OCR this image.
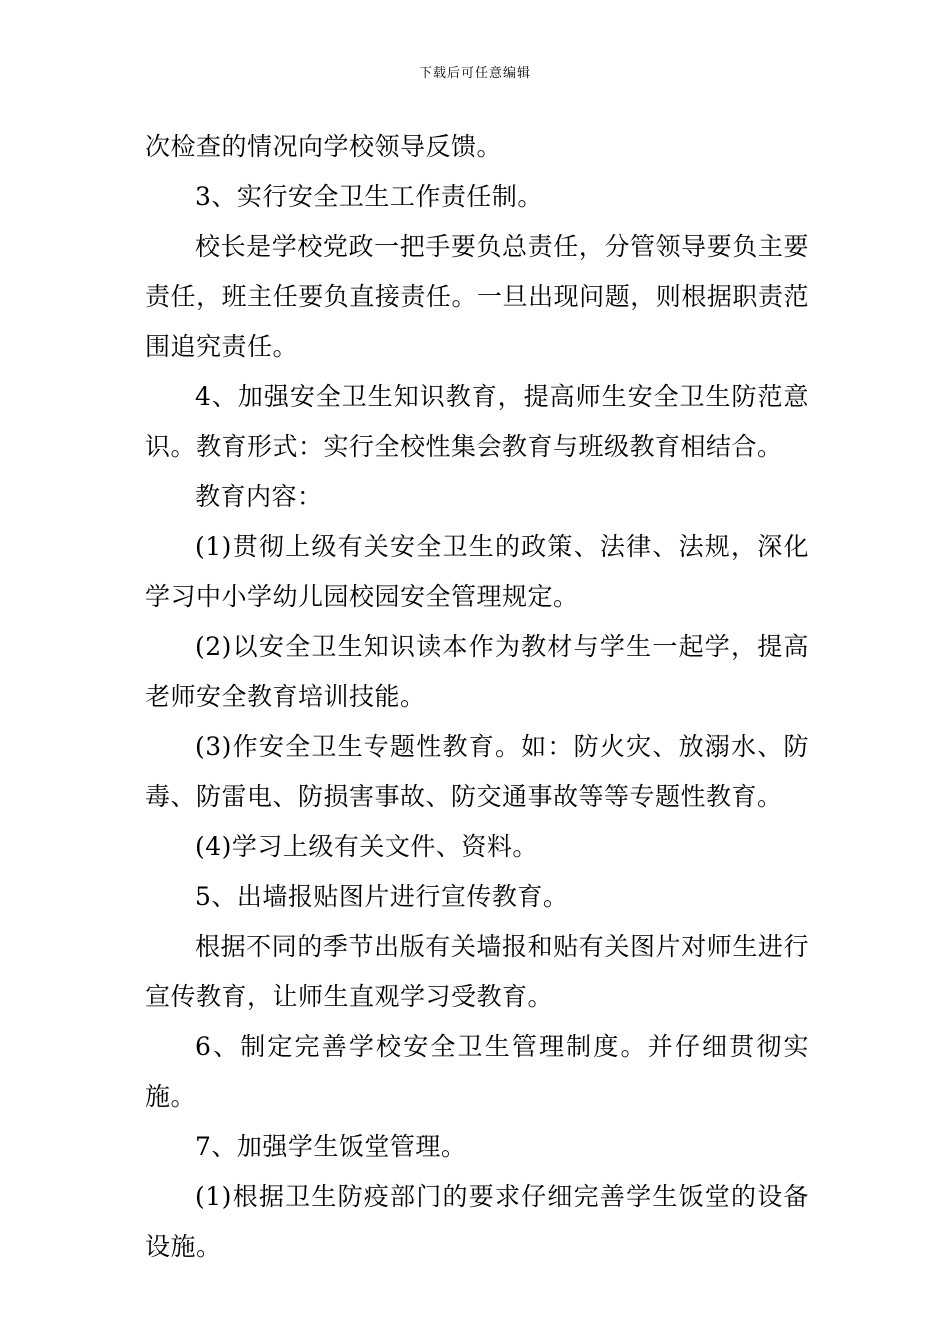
下载后可任意编辑

次检查的情况向学校领导反馈。

3、实行安全卫生工作责任制。

校长是学校党政一把手要负总责任，分管领导要负主要责任，班主任要负直接责任。一旦出现问题，则根据职责范围追究责任。

4、加强安全卫生知识教育，提高师生安全卫生防范意识。教育形式：实行全校性集会教育与班级教育相结合。

教育内容：

(1)贯彻上级有关安全卫生的政策、法律、法规，深化学习中小学幼儿园校园安全管理规定。

(2)以安全卫生知识读本作为教材与学生一起学，提高老师安全教育培训技能。

(3)作安全卫生专题性教育。如：防火灾、放溺水、防毒、防雷电、防损害事故、防交通事故等等专题性教育。

(4)学习上级有关文件、资料。

5、出墙报贴图片进行宣传教育。

根据不同的季节出版有关墙报和贴有关图片对师生进行宣传教育，让师生直观学习受教育。

6、制定完善学校安全卫生管理制度。并仔细贯彻实施。

7、加强学生饭堂管理。

(1)根据卫生防疫部门的要求仔细完善学生饭堂的设备设施。
